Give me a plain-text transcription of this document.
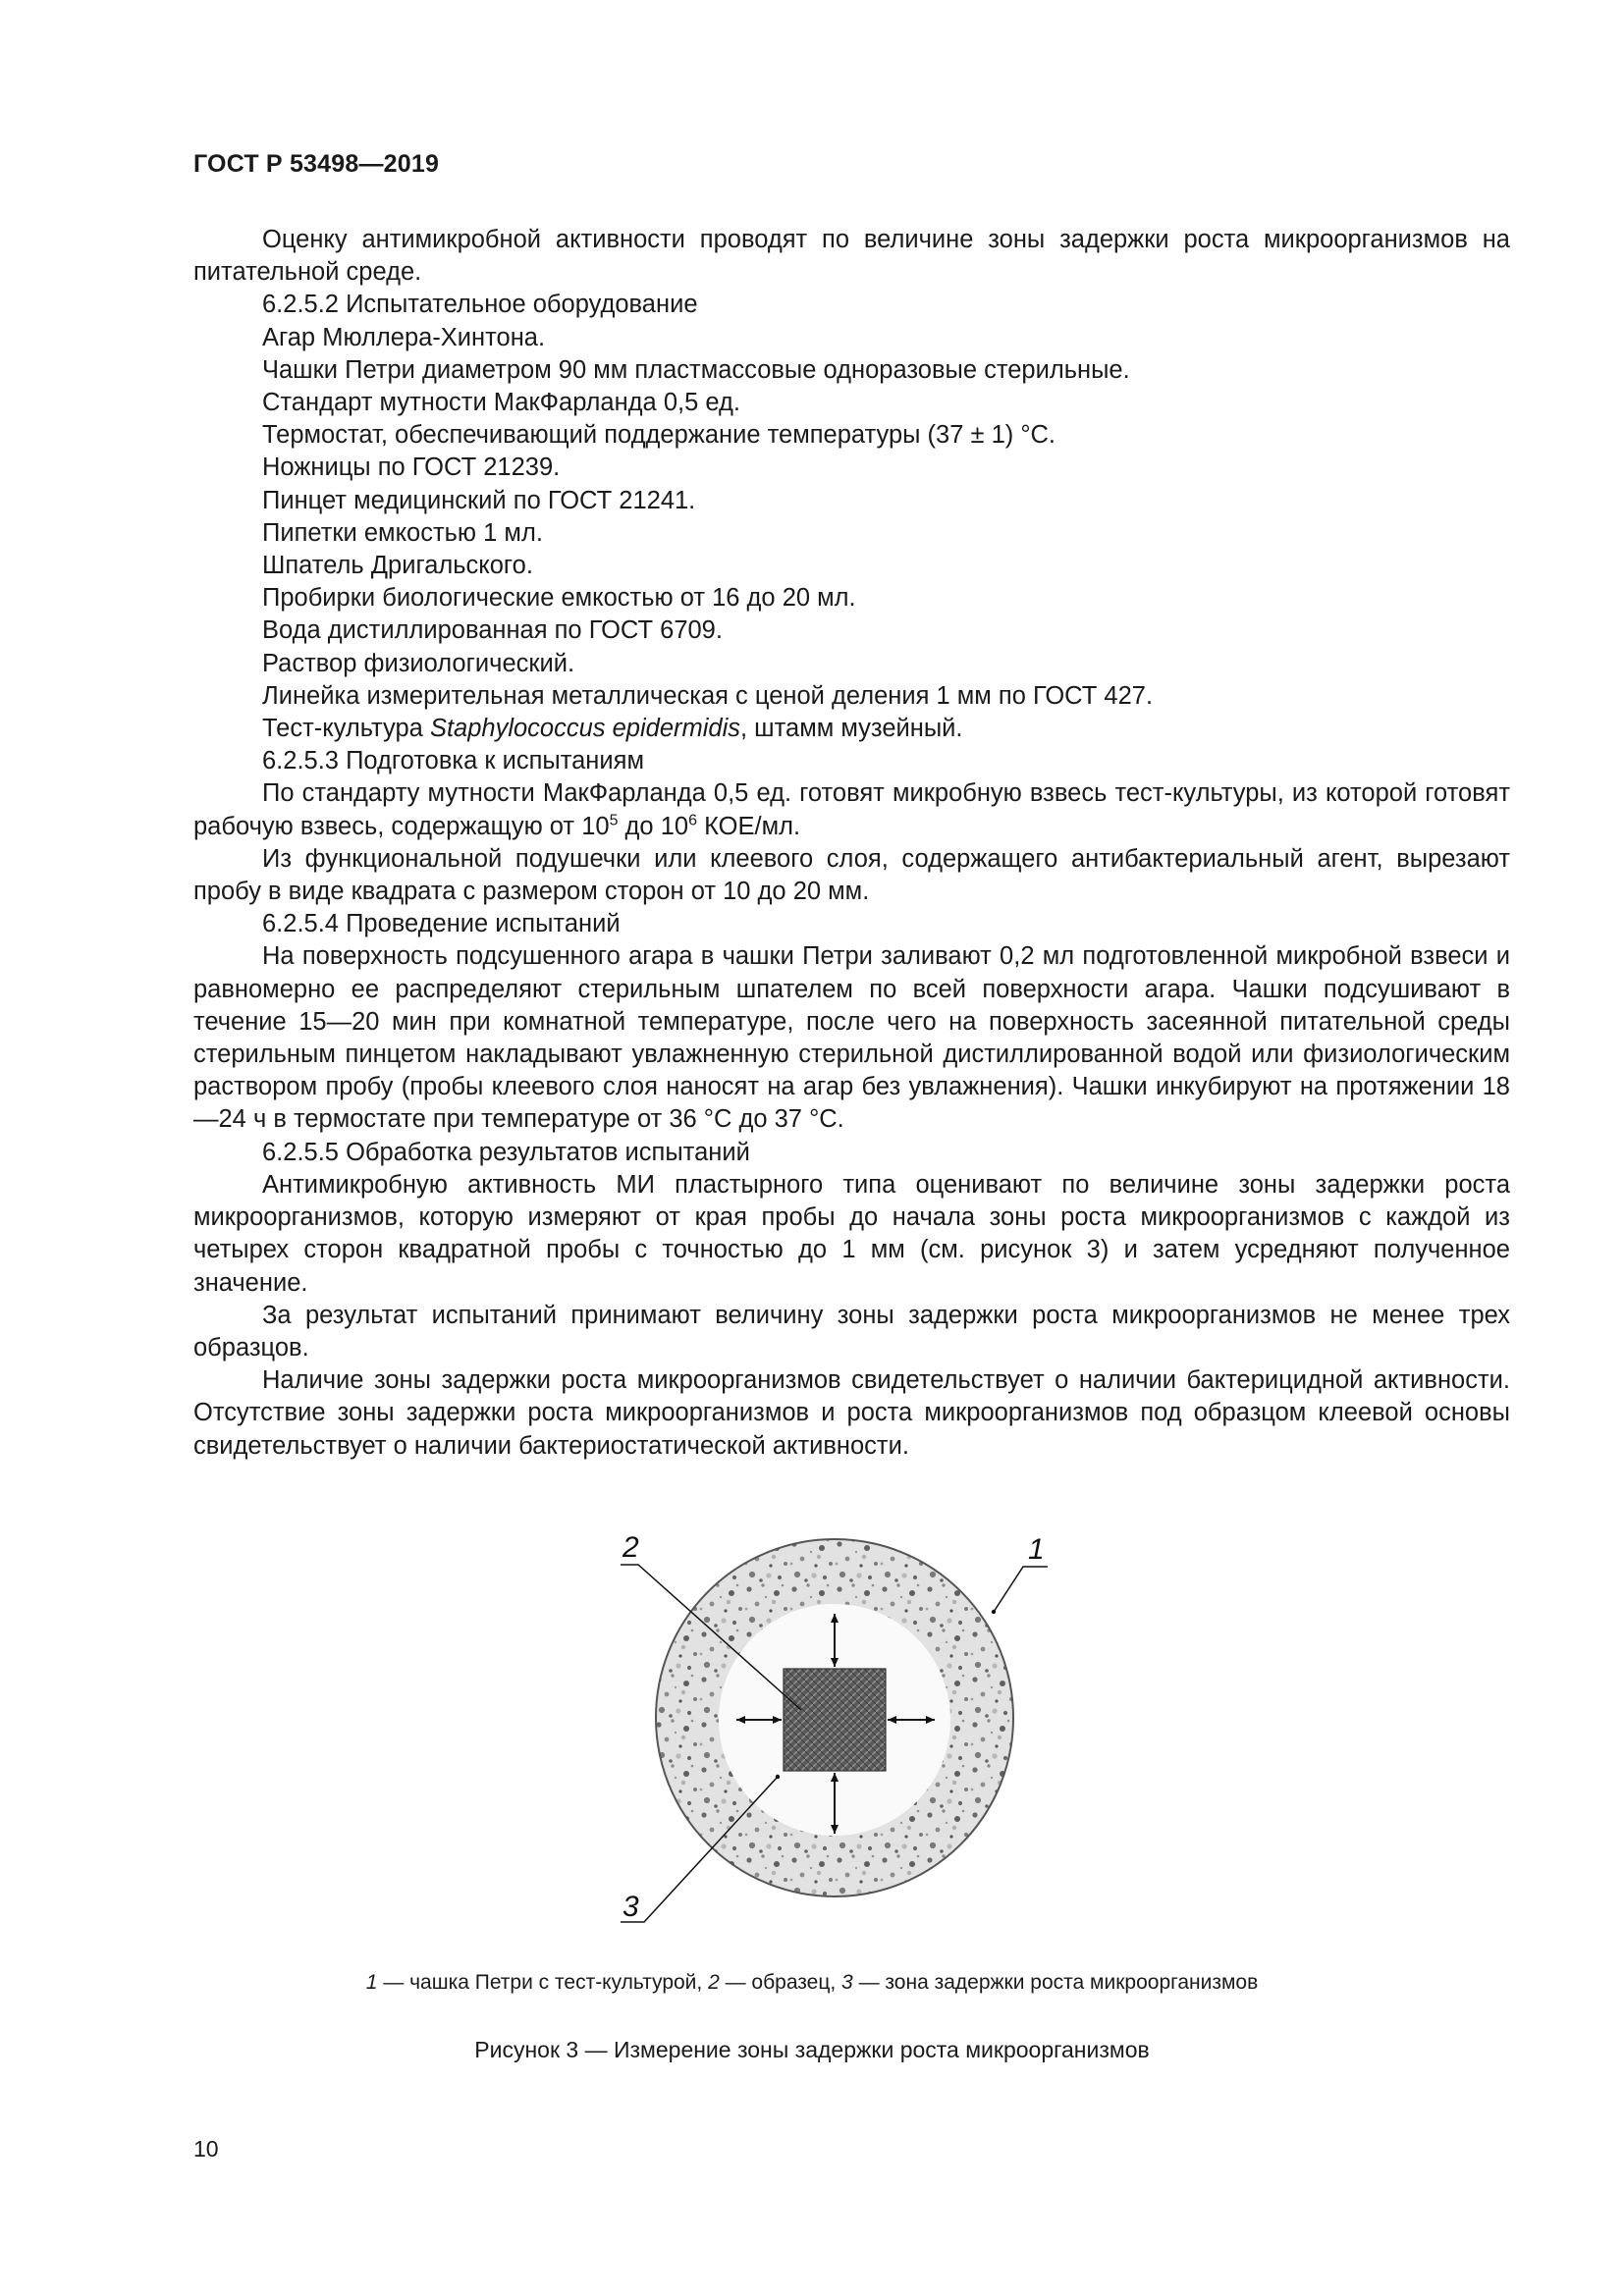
ГОСТ Р 53498—2019

Оценку антимикробной активности проводят по величине зоны задержки роста микроорганизмов на питательной среде.

6.2.5.2 Испытательное оборудование

Агар Мюллера-Хинтона.

Чашки Петри диаметром 90 мм пластмассовые одноразовые стерильные.

Стандарт мутности МакФарланда 0,5 ед.

Термостат, обеспечивающий поддержание температуры (37 ± 1) °С.

Ножницы по ГОСТ 21239.

Пинцет медицинский по ГОСТ 21241.

Пипетки емкостью 1 мл.

Шпатель Дригальского.

Пробирки биологические емкостью от 16 до 20 мл.

Вода дистиллированная по ГОСТ 6709.

Раствор физиологический.

Линейка измерительная металлическая с ценой деления 1 мм по ГОСТ 427.

Тест-культура Staphylococcus epidermidis, штамм музейный.

6.2.5.3 Подготовка к испытаниям

По стандарту мутности МакФарланда 0,5 ед. готовят микробную взвесь тест-культуры, из которой готовят рабочую взвесь, содержащую от $10^5$ до $10^6$ КОЕ/мл.

Из функциональной подушечки или клеевого слоя, содержащего антибактериальный агент, вырезают пробу в виде квадрата с размером сторон от 10 до 20 мм.

6.2.5.4 Проведение испытаний

На поверхность подсушенного агара в чашки Петри заливают 0,2 мл подготовленной микробной взвеси и равномерно ее распределяют стерильным шпателем по всей поверхности агара. Чашки подсушивают в течение 15—20 мин при комнатной температуре, после чего на поверхность засеянной питательной среды стерильным пинцетом накладывают увлажненную стерильной дистиллированной водой или физиологическим раствором пробу (пробы клеевого слоя наносят на агар без увлажнения). Чашки инкубируют на протяжении 18—24 ч в термостате при температуре от 36 °С до 37 °С.

6.2.5.5 Обработка результатов испытаний

Антимикробную активность МИ пластырного типа оценивают по величине зоны задержки роста микроорганизмов, которую измеряют от края пробы до начала зоны роста микроорганизмов с каждой из четырех сторон квадратной пробы с точностью до 1 мм (см. рисунок 3) и затем усредняют полученное значение.

За результат испытаний принимают величину зоны задержки роста микроорганизмов не менее трех образцов.

Наличие зоны задержки роста микроорганизмов свидетельствует о наличии бактерицидной активности. Отсутствие зоны задержки роста микроорганизмов и роста микроорганизмов под образцом клеевой основы свидетельствует о наличии бактериостатической активности.

2	1
3
1 — чашка Петри с тест-культурой, 2 — образец, 3 — зона задержки роста микроорганизмов
Рисунок 3 — Измерение зоны задержки роста микроорганизмов
10
